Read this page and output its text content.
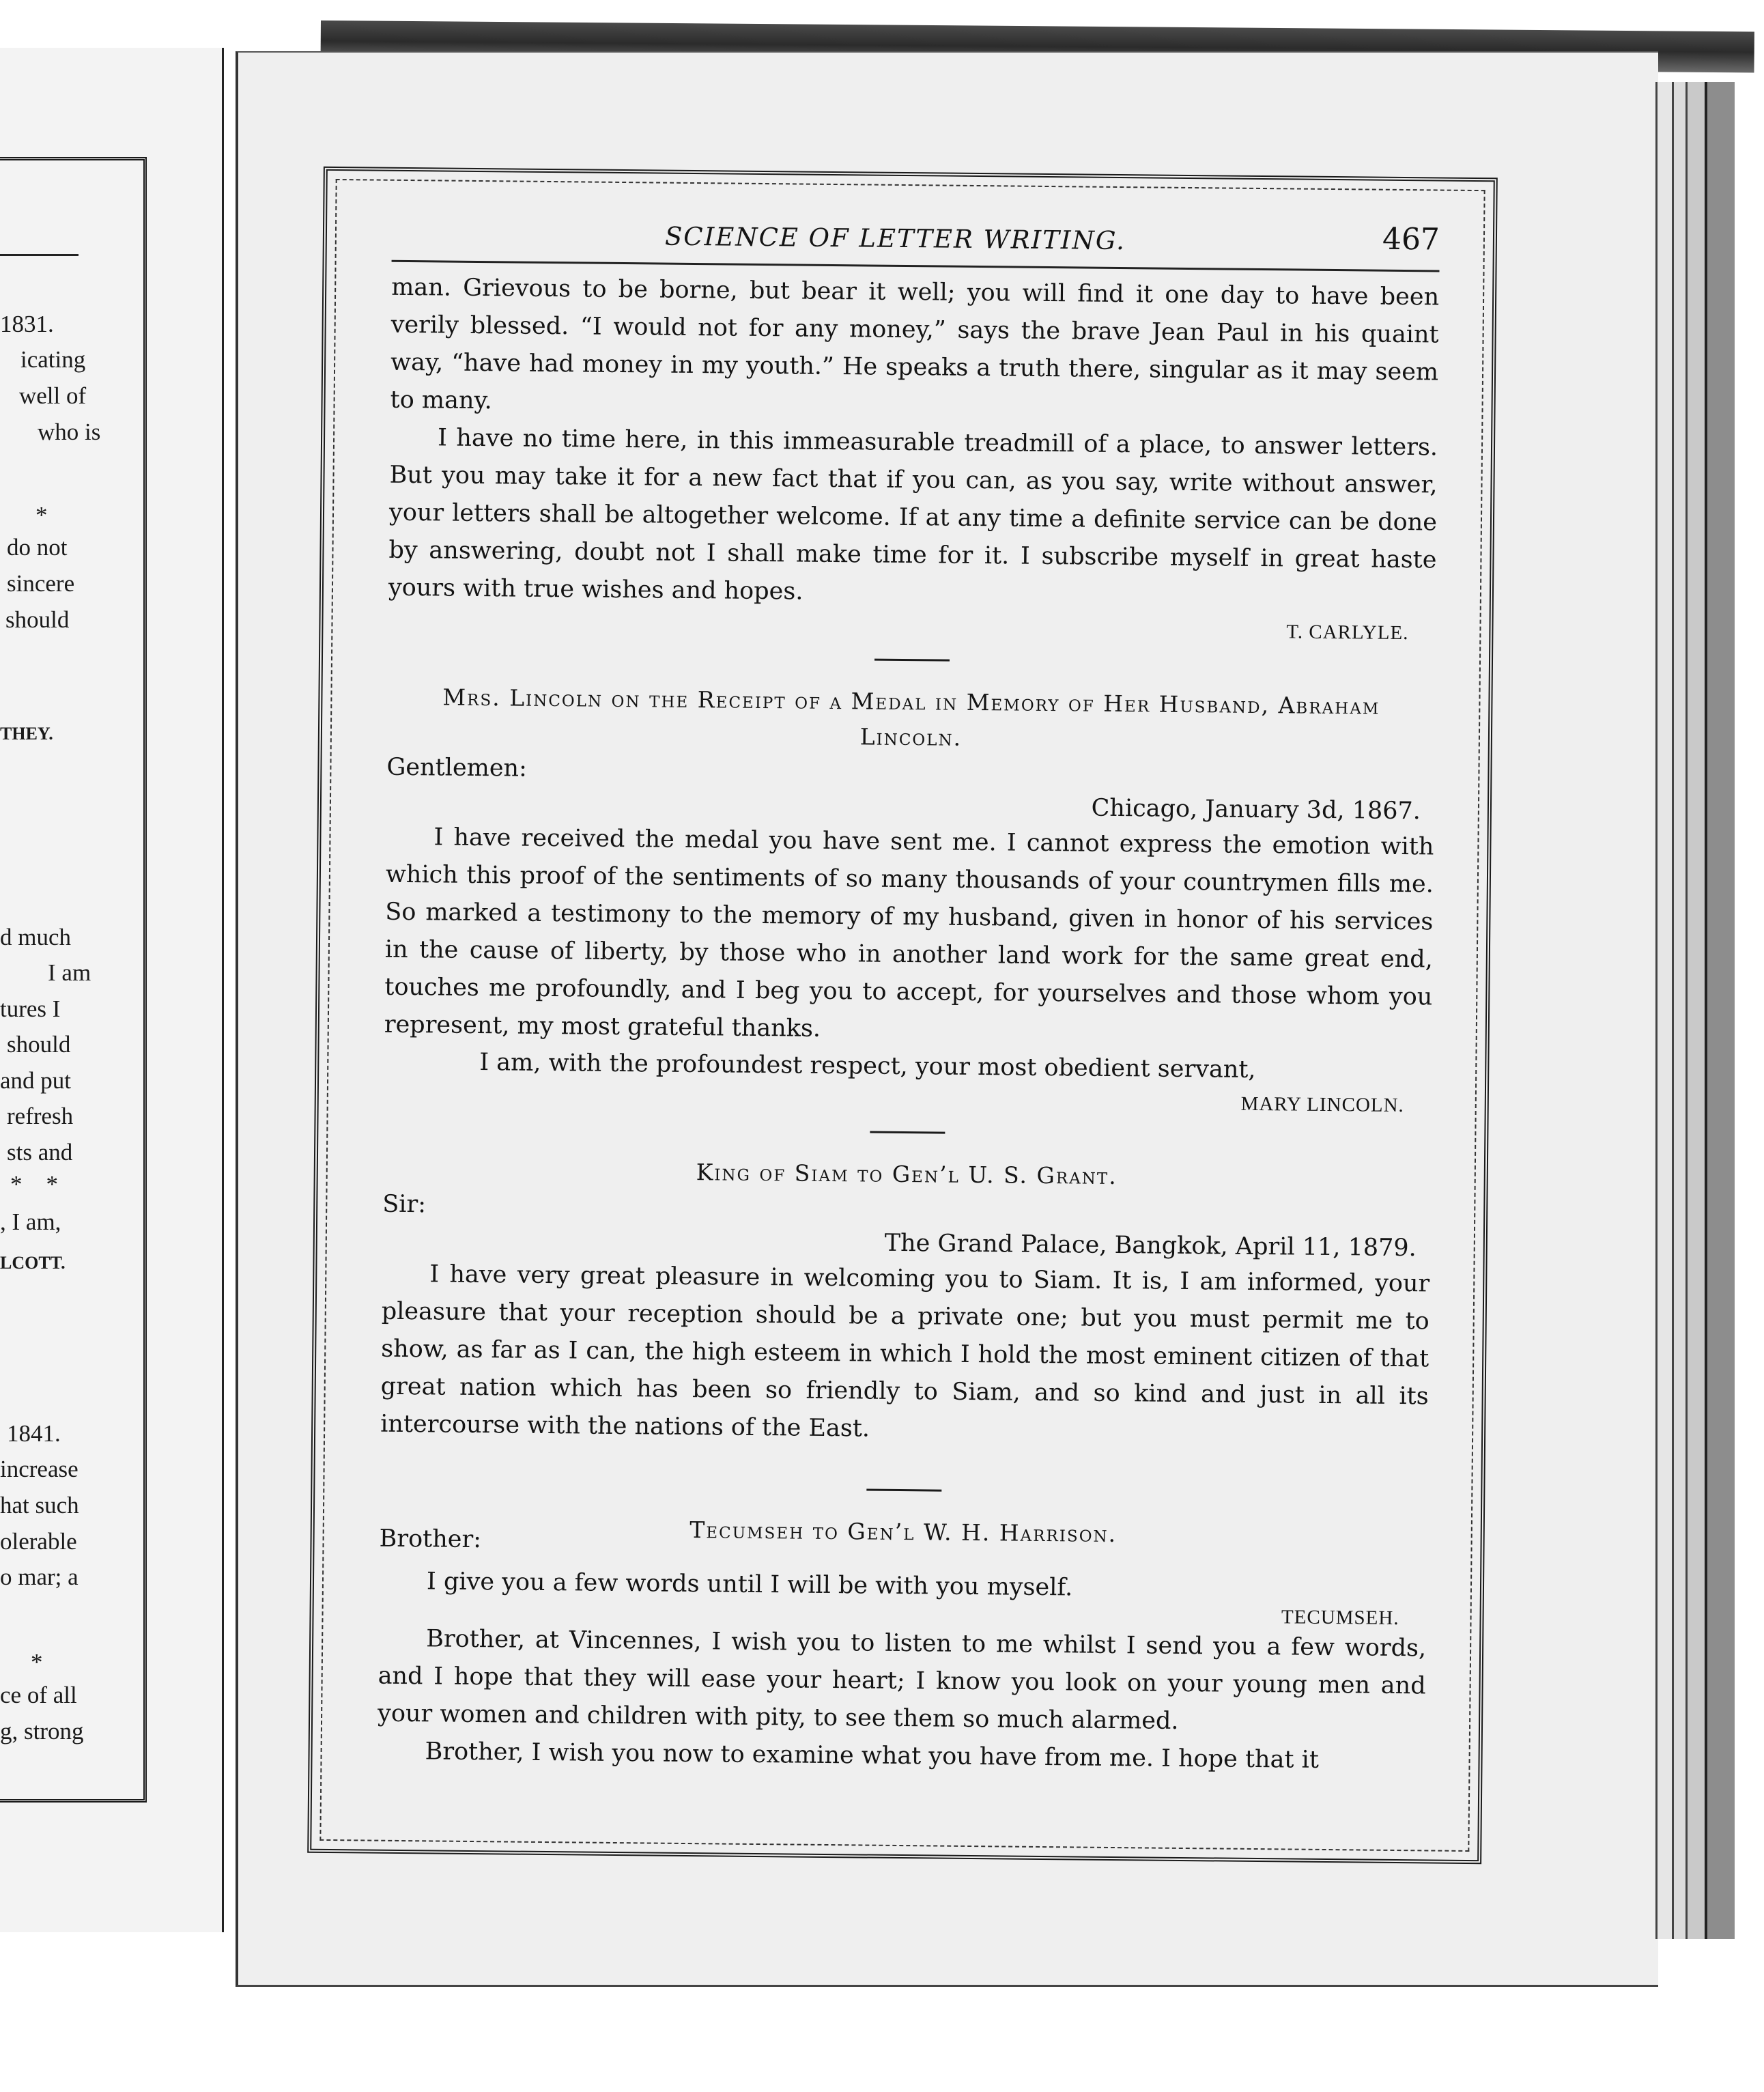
1831.
icating
well of
who is
*
do not
sincere
should
THEY.
d much
I am
tures I
should
and put
refresh
sts and
*    *
, I am,
LCOTT.
1841.
increase
hat such
olerable
o mar; a
*
ce of all
g, strong
SCIENCE OF LETTER WRITING.	467

man. Grievous to be borne, but bear it well; you will find it one day to have been verily blessed. “I would not for any money,” says the brave Jean Paul in his quaint way, “have had money in my youth.” He speaks a truth there, singular as it may seem to many.

I have no time here, in this immeasurable treadmill of a place, to answer letters. But you may take it for a new fact that if you can, as you say, write without answer, your letters shall be altogether welcome. If at any time a definite service can be done by answering, doubt not I shall make time for it. I subscribe myself in great haste yours with true wishes and hopes.

T. CARLYLE.
Mrs. Lincoln on the Receipt of a Medal in Memory of Her Husband, Abraham Lincoln.
Gentlemen:
Chicago, January 3d, 1867.

I have received the medal you have sent me. I cannot express the emotion with which this proof of the sentiments of so many thousands of your countrymen fills me. So marked a testimony to the memory of my husband, given in honor of his services in the cause of liberty, by those who in another land work for the same great end, touches me profoundly, and I beg you to accept, for yourselves and those whom you represent, my most grateful thanks.

I am, with the profoundest respect, your most obedient servant,
MARY LINCOLN.
King of Siam to Gen’l U. S. Grant.
Sir:
The Grand Palace, Bangkok, April 11, 1879.

I have very great pleasure in welcoming you to Siam. It is, I am informed, your pleasure that your reception should be a private one; but you must permit me to show, as far as I can, the high esteem in which I hold the most eminent citizen of that great nation which has been so friendly to Siam, and so kind and just in all its intercourse with the nations of the East.

Tecumseh to Gen’l W. H. Harrison.
Brother:

I give you a few words until I will be with you myself.

TECUMSEH.

Brother, at Vincennes, I wish you to listen to me whilst I send you a few words, and I hope that they will ease your heart; I know you look on your young men and your women and children with pity, to see them so much alarmed.

Brother, I wish you now to examine what you have from me. I hope that it
